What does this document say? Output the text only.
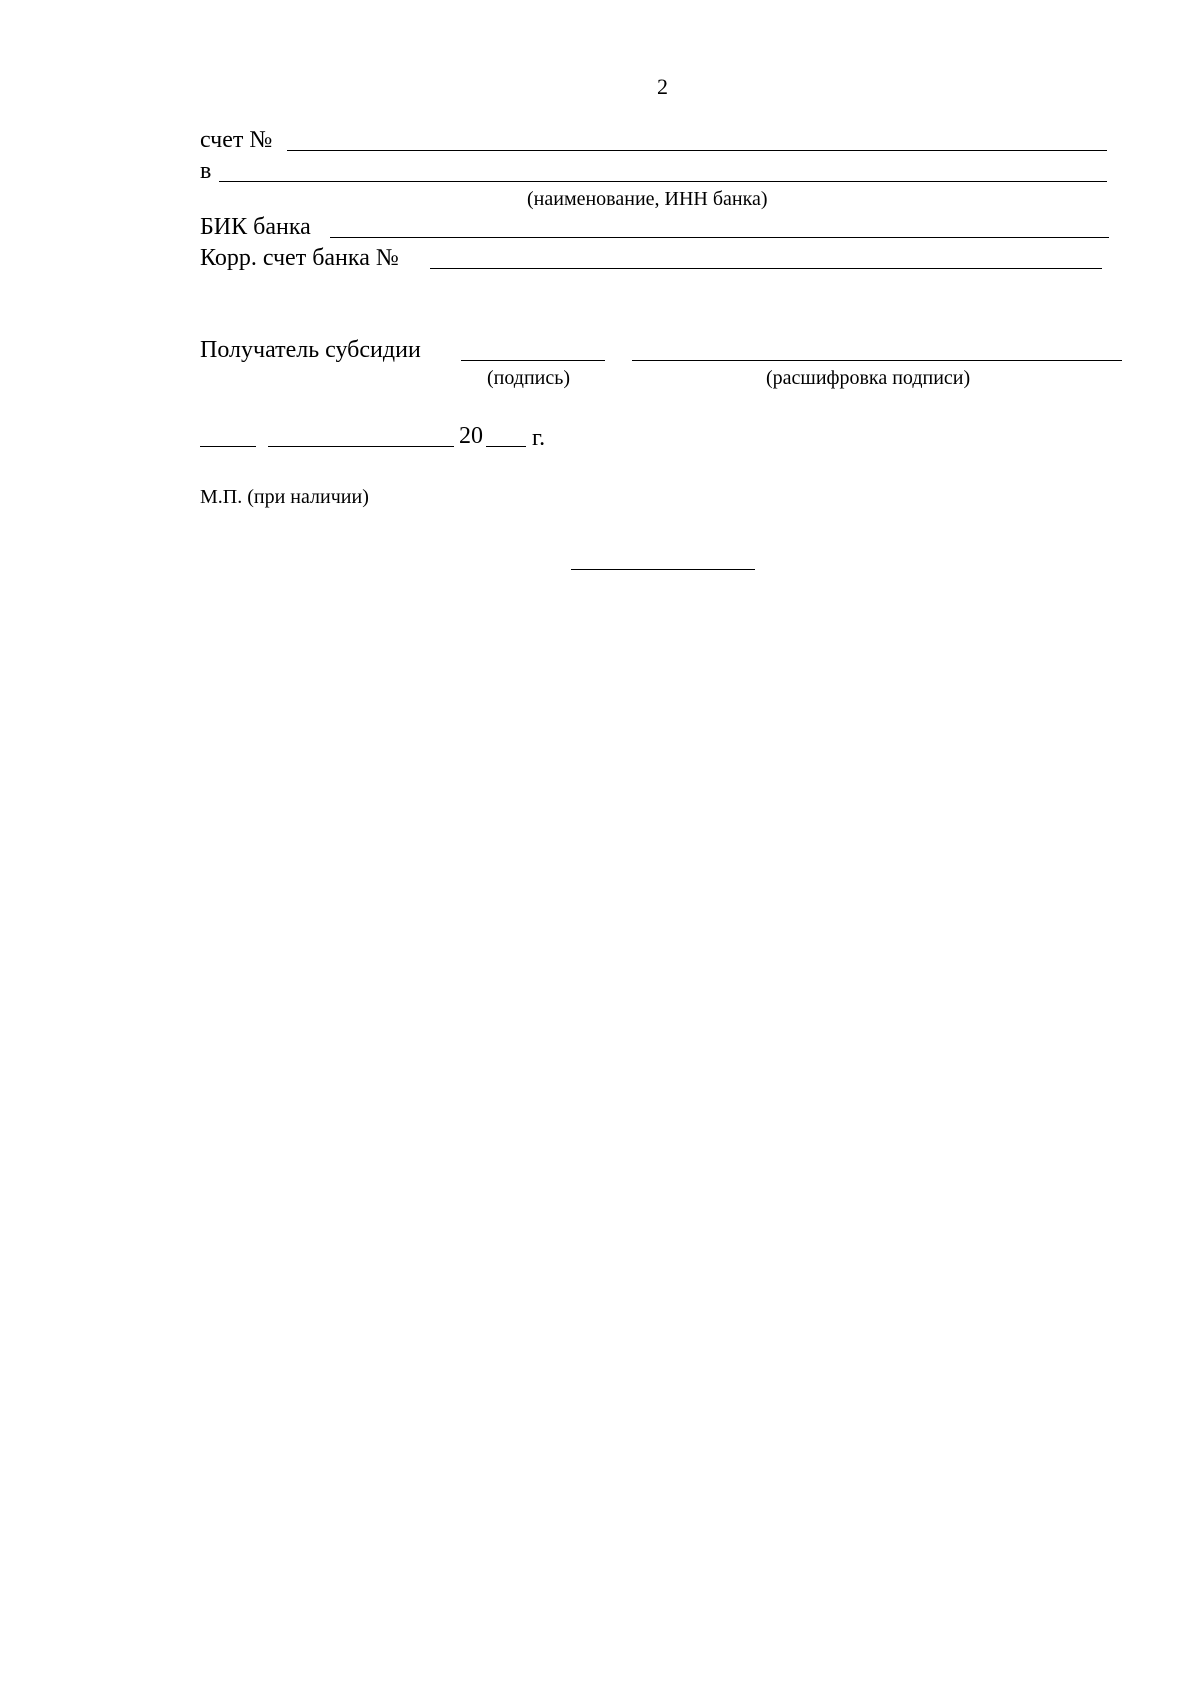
2
счет №
в
(наименование, ИНН банка)
БИК банка
Корр. счет банка №
Получатель субсидии
(подпись)	(расшифровка подписи)
20 г.
М.П. (при наличии)
